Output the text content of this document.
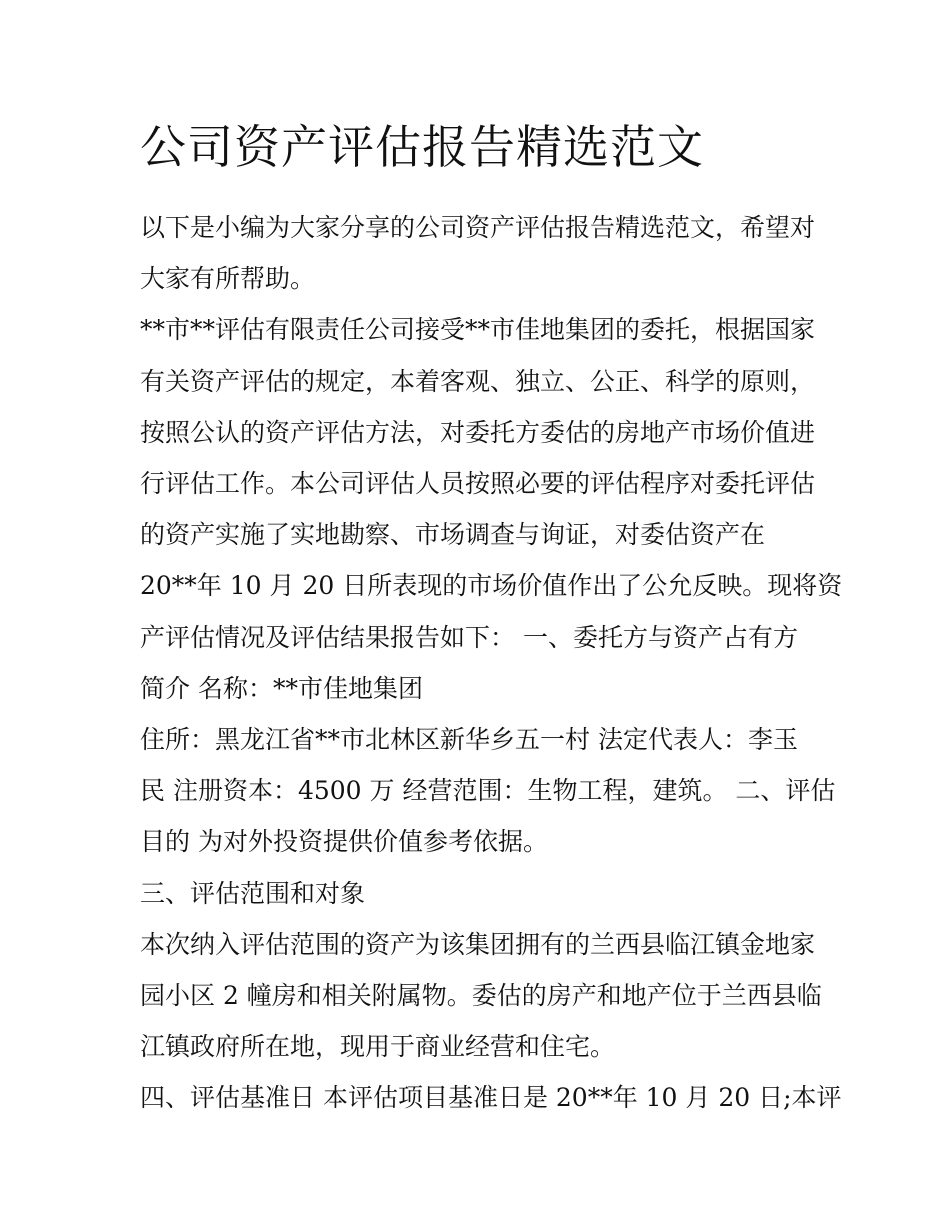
公司资产评估报告精选范文

以下是小编为大家分享的公司资产评估报告精选范文，希望对
大家有所帮助。

**市**评估有限责任公司接受**市佳地集团的委托，根据国家
有关资产评估的规定，本着客观、独立、公正、科学的原则，
按照公认的资产评估方法，对委托方委估的房地产市场价值进
行评估工作。本公司评估人员按照必要的评估程序对委托评估
的资产实施了实地勘察、市场调查与询证，对委估资产在
20**年 10 月 20 日所表现的市场价值作出了公允反映。现将资
产评估情况及评估结果报告如下： 一、委托方与资产占有方
简介 名称：**市佳地集团

住所：黑龙江省**市北林区新华乡五一村 法定代表人：李玉
民 注册资本：4500 万 经营范围：生物工程，建筑。 二、评估
目的 为对外投资提供价值参考依据。

三、评估范围和对象

本次纳入评估范围的资产为该集团拥有的兰西县临江镇金地家
园小区 2 幢房和相关附属物。委估的房产和地产位于兰西县临
江镇政府所在地，现用于商业经营和住宅。

四、评估基准日 本评估项目基准日是 20**年 10 月 20 日;本评
